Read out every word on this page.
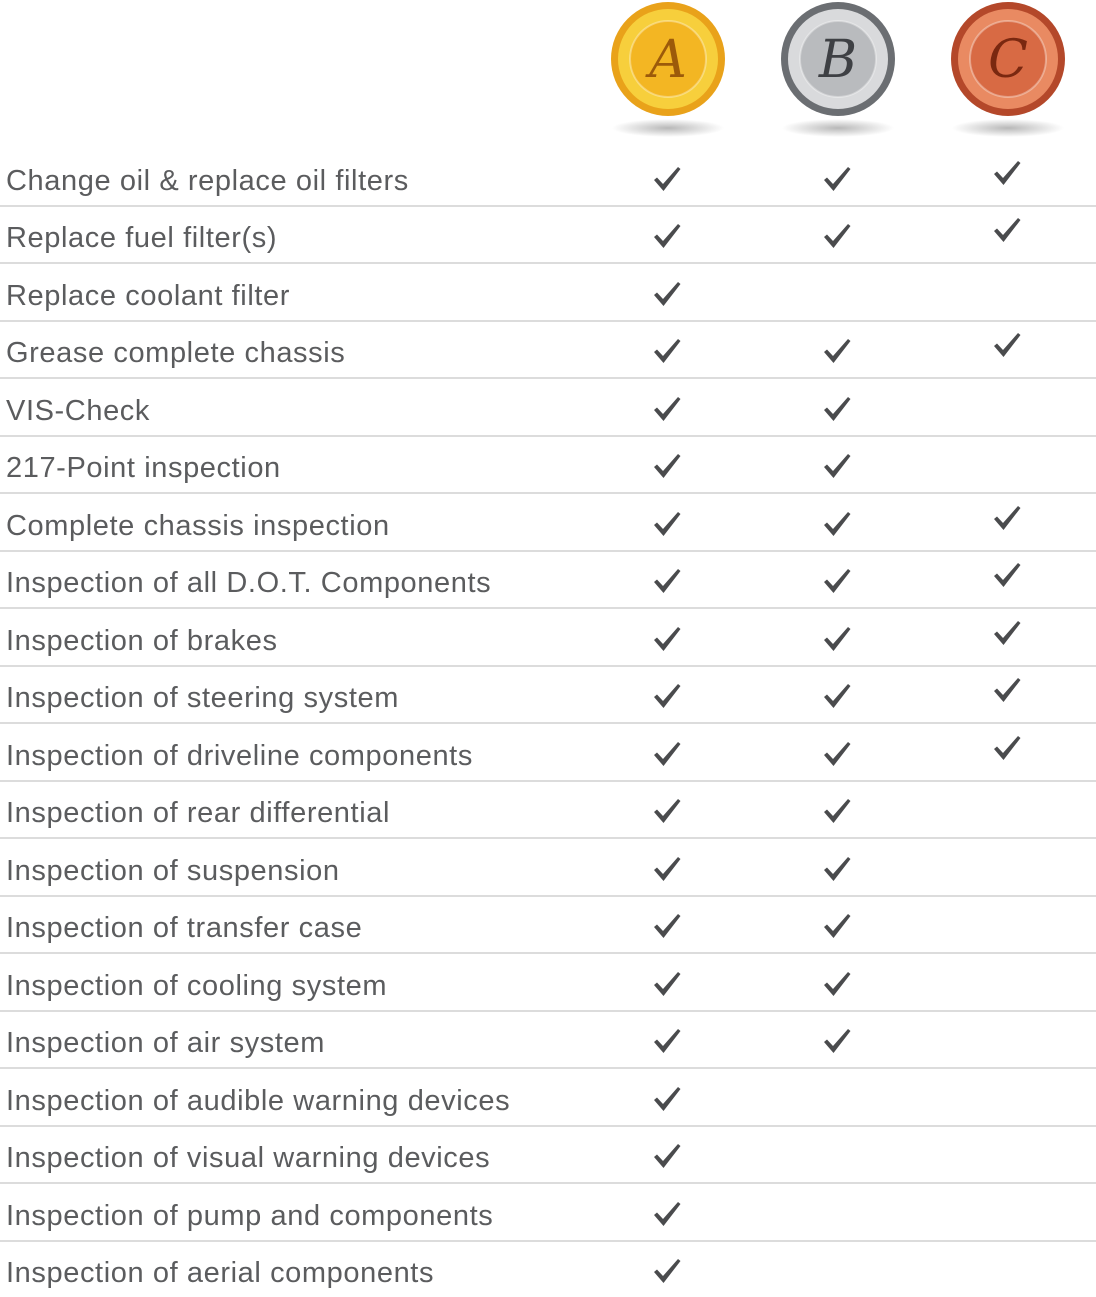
A	B	C
Change oil & replace oil filters
Replace fuel filter(s)
Replace coolant filter
Grease complete chassis
VIS-Check
217-Point inspection
Complete chassis inspection
Inspection of all D.O.T. Components
Inspection of brakes
Inspection of steering system
Inspection of driveline components
Inspection of rear differential
Inspection of suspension
Inspection of transfer case
Inspection of cooling system
Inspection of air system
Inspection of audible warning devices
Inspection of visual warning devices
Inspection of pump and components
Inspection of aerial components
